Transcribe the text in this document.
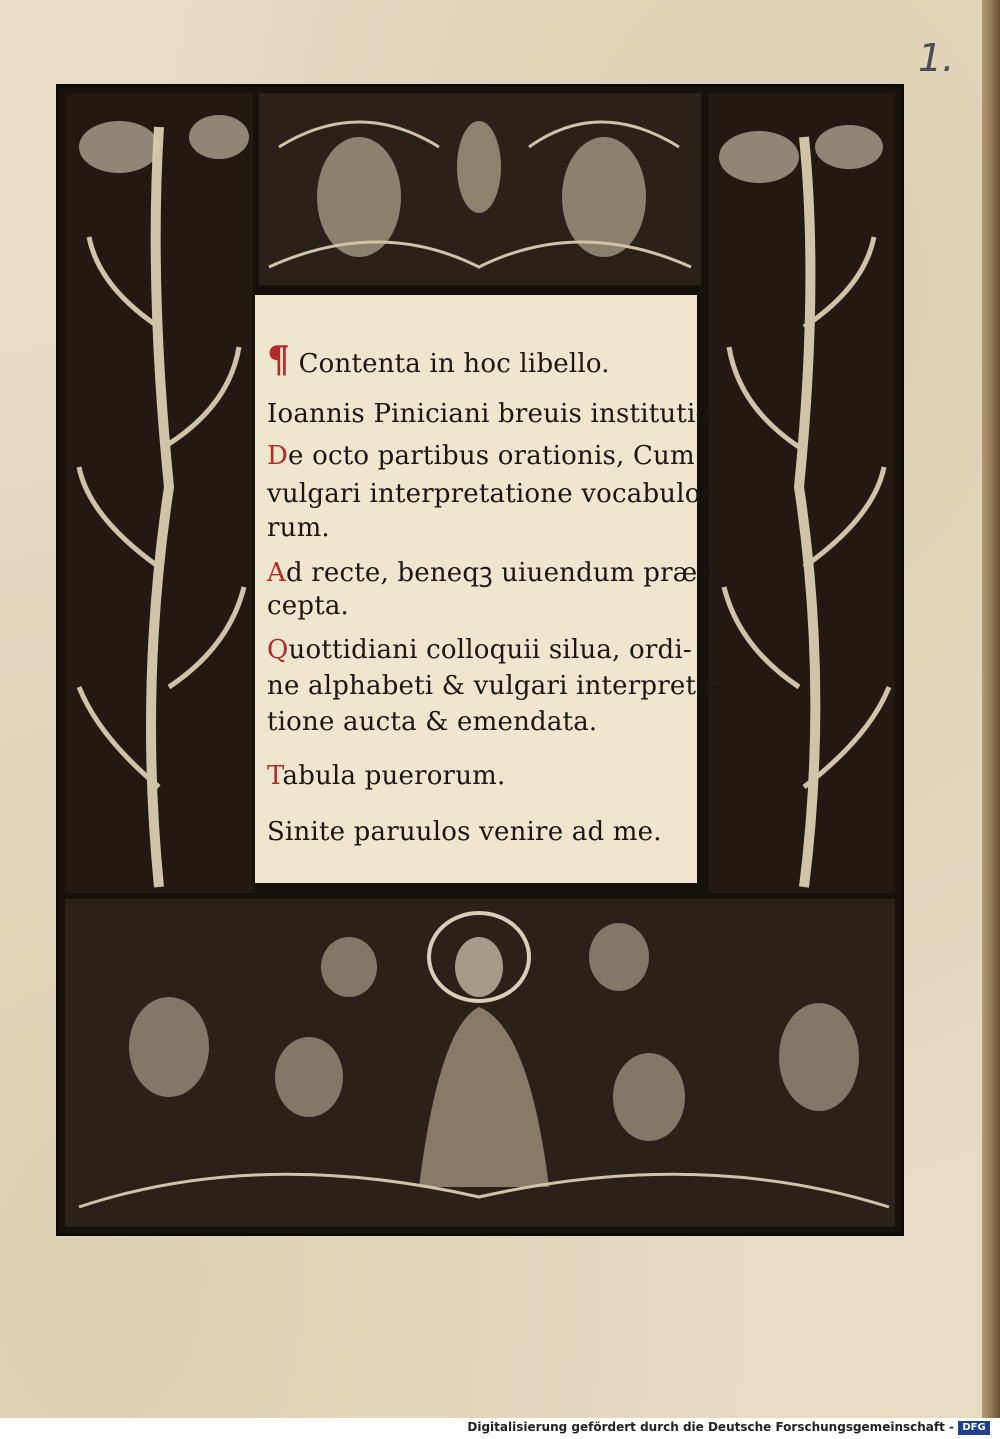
1.
¶ Contenta in hoc libello.
Ioannis Piniciani breuis institutio
De octo partibus orationis, Cum
vulgari interpretatione vocabulo-
rum.
Ad recte, beneqꝫ uiuendum præ-
cepta.
Quottidiani colloquii silua, ordi-
ne alphabeti & vulgari interpreta-
tione aucta & emendata.
Tabula puerorum.
Sinite paruulos venire ad me.
Digitalisierung gefördert durch die Deutsche Forschungsgemeinschaft - DFG
